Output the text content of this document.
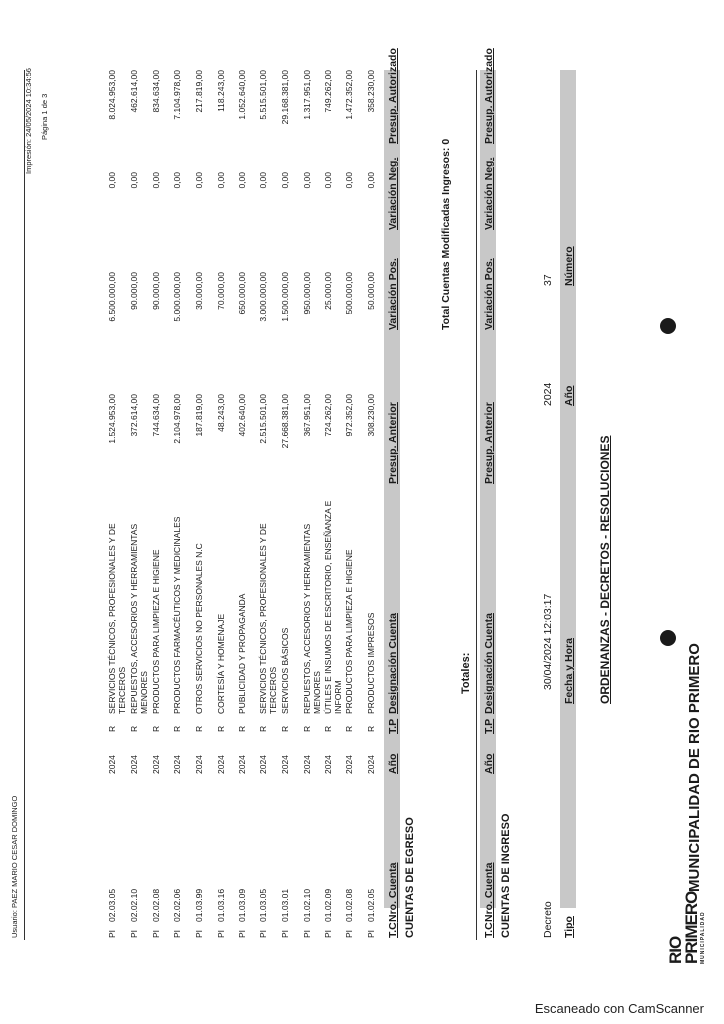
RIO
PRIMERO MUNICIPALIDAD
MUNICIPALIDAD DE RIO PRIMERO
ORDENANZAS - DECRETOS - RESOLUCIONES
Tipo
Fecha y Hora
Año
Número
Decreto
30/04/2024 12:03:17
2024
37
CUENTAS DE INGRESO
T.C
Nro. Cuenta
Año
T.P
Designación Cuenta
Presup. Anterior
Variación Pos.
Variación Neg.
Presup. Autorizado
Totales:
Total Cuentas Modificadas Ingresos: 0
CUENTAS DE EGRESO
T.C
Nro. Cuenta
Año
T.P
Designación Cuenta
Presup. Anterior
Variación Pos.
Variación Neg.
Presup. Autorizado
PI
01.02.05
2024
R
PRODUCTOS IMPRESOS
308.230,00
50.000,00
0,00
358.230,00
PI
01.02.08
2024
R
PRODUCTOS PARA LIMPIEZA E HIGIENE
972.352,00
500.000,00
0,00
1.472.352,00
PI
01.02.09
2024
R
ÚTILES E INSUMOS DE ESCRITORIO, ENSEÑANZA E INFORM
724.262,00
25.000,00
0,00
749.262,00
PI
01.02.10
2024
R
REPUESTOS, ACCESORIOS Y HERRAMIENTAS MENORES
367.951,00
950.000,00
0,00
1.317.951,00
PI
01.03.01
2024
R
SERVICIOS BÁSICOS
27.668.381,00
1.500.000,00
0,00
29.168.381,00
PI
01.03.05
2024
R
SERVICIOS TÉCNICOS, PROFESIONALES Y DE TERCEROS
2.515.501,00
3.000.000,00
0,00
5.515.501,00
PI
01.03.09
2024
R
PUBLICIDAD Y PROPAGANDA
402.640,00
650.000,00
0,00
1.052.640,00
PI
01.03.16
2024
R
CORTESÍA Y HOMENAJE
48.243,00
70.000,00
0,00
118.243,00
PI
01.03.99
2024
R
OTROS SERVICIOS NO PERSONALES N.C
187.819,00
30.000,00
0,00
217.819,00
PI
02.02.06
2024
R
PRODUCTOS FARMACÉUTICOS Y MEDICINALES
2.104.978,00
5.000.000,00
0,00
7.104.978,00
PI
02.02.08
2024
R
PRODUCTOS PARA LIMPIEZA E HIGIENE
744.634,00
90.000,00
0,00
834.634,00
PI
02.02.10
2024
R
REPUESTOS, ACCESORIOS Y HERRAMIENTAS MENORES
372.614,00
90.000,00
0,00
462.614,00
PI
02.03.05
2024
R
SERVICIOS TÉCNICOS, PROFESIONALES Y DE TERCEROS
1.524.953,00
6.500.000,00
0,00
8.024.953,00
Usuario: PAEZ MARIO CESAR DOMINGO
Página 1 de 3
Impresión: 24/05/2024 10:34:56
Escaneado con CamScanner
